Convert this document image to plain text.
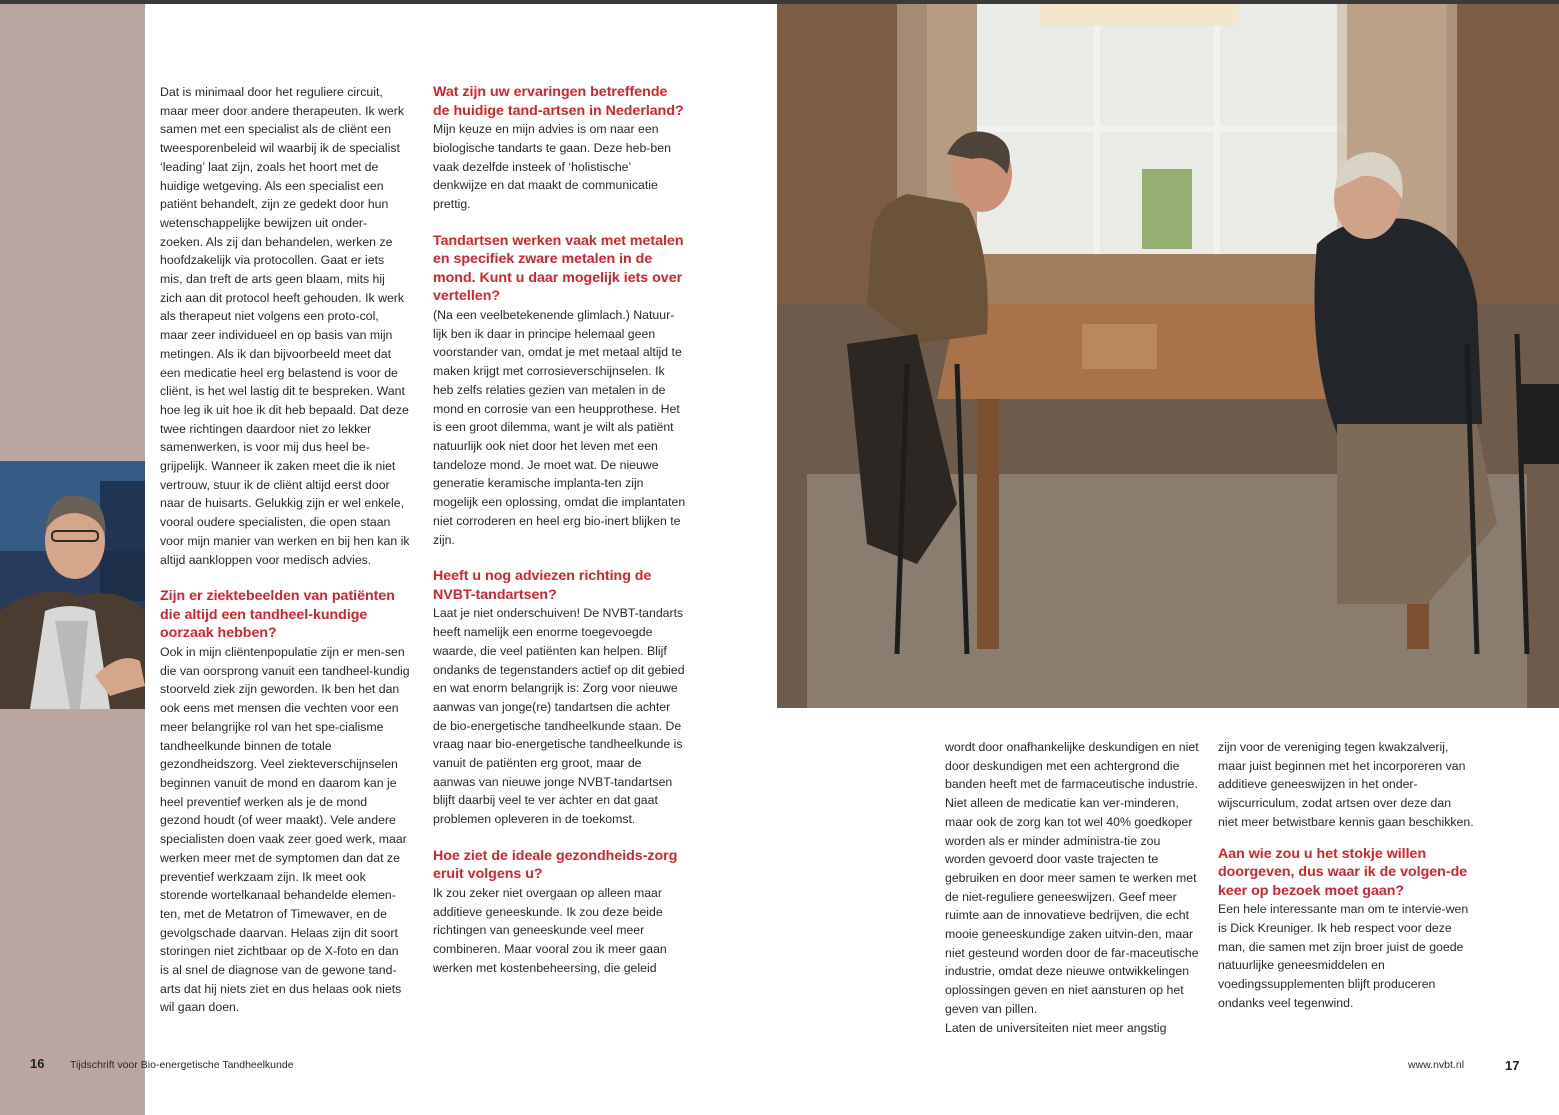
Dat is minimaal door het reguliere circuit, maar meer door andere therapeuten. Ik werk samen met een specialist als de cliënt een tweesporenbeleid wil waarbij ik de specialist ‘leading’ laat zijn, zoals het hoort met de huidige wetgeving. Als een specialist een patiënt behandelt, zijn ze gedekt door hun wetenschappelijke bewijzen uit onder-zoeken. Als zij dan behandelen, werken ze hoofdzakelijk via protocollen. Gaat er iets mis, dan treft de arts geen blaam, mits hij zich aan dit protocol heeft gehouden. Ik werk als therapeut niet volgens een proto-col, maar zeer individueel en op basis van mijn metingen. Als ik dan bijvoorbeeld meet dat een medicatie heel erg belastend is voor de cliënt, is het wel lastig dit te bespreken. Want hoe leg ik uit hoe ik dit heb bepaald. Dat deze twee richtingen daardoor niet zo lekker samenwerken, is voor mij dus heel be-grijpelijk. Wanneer ik zaken meet die ik niet vertrouw, stuur ik de cliënt altijd eerst door naar de huisarts. Gelukkig zijn er wel enkele, vooral oudere specialisten, die open staan voor mijn manier van werken en bij hen kan ik altijd aankloppen voor medisch advies.

Zijn er ziektebeelden van patiënten die altijd een tandheel-kundige oorzaak hebben?

Ook in mijn cliëntenpopulatie zijn er men-sen die van oorsprong vanuit een tandheel-kundig stoorveld ziek zijn geworden. Ik ben het dan ook eens met mensen die vechten voor een meer belangrijke rol van het spe-cialisme tandheelkunde binnen de totale gezondheidszorg. Veel ziekteverschijnselen beginnen vanuit de mond en daarom kan je heel preventief werken als je de mond gezond houdt (of weer maakt). Vele andere specialisten doen vaak zeer goed werk, maar werken meer met de symptomen dan dat ze preventief werkzaam zijn. Ik meet ook storende wortelkanaal behandelde elemen-ten, met de Metatron of Timewaver, en de gevolgschade daarvan. Helaas zijn dit soort storingen niet zichtbaar op de X-foto en dan is al snel de diagnose van de gewone tand-arts dat hij niets ziet en dus helaas ook niets wil gaan doen.

Wat zijn uw ervaringen betreffende de huidige tand-artsen in Nederland?

Mijn keuze en mijn advies is om naar een biologische tandarts te gaan. Deze heb-ben vaak dezelfde insteek of ‘holistische’ denkwijze en dat maakt de communicatie prettig.

Tandartsen werken vaak met metalen en specifiek zware metalen in de mond. Kunt u daar mogelijk iets over vertellen?

(Na een veelbetekenende glimlach.) Natuur-lijk ben ik daar in principe helemaal geen voorstander van, omdat je met metaal altijd te maken krijgt met corrosieverschijnselen. Ik heb zelfs relaties gezien van metalen in de mond en corrosie van een heupprothese. Het is een groot dilemma, want je wilt als patiënt natuurlijk ook niet door het leven met een tandeloze mond. Je moet wat. De nieuwe generatie keramische implanta-ten zijn mogelijk een oplossing, omdat die implantaten niet corroderen en heel erg bio-inert blijken te zijn.

Heeft u nog adviezen richting de NVBT-tandartsen?

Laat je niet onderschuiven! De NVBT-tandarts heeft namelijk een enorme toegevoegde waarde, die veel patiënten kan helpen. Blijf ondanks de tegenstanders actief op dit gebied en wat enorm belangrijk is: Zorg voor nieuwe aanwas van jonge(re) tandartsen die achter de bio-energetische tandheelkunde staan. De vraag naar bio-energetische tandheelkunde is vanuit de patiënten erg groot, maar de aanwas van nieuwe jonge NVBT-tandartsen blijft daarbij veel te ver achter en dat gaat problemen opleveren in de toekomst.

Hoe ziet de ideale gezondheids-zorg eruit volgens u?

Ik zou zeker niet overgaan op alleen maar additieve geneeskunde. Ik zou deze beide richtingen van geneeskunde veel meer combineren. Maar vooral zou ik meer gaan werken met kostenbeheersing, die geleid

wordt door onafhankelijke deskundigen en niet door deskundigen met een achtergrond die banden heeft met de farmaceutische industrie. Niet alleen de medicatie kan ver-minderen, maar ook de zorg kan tot wel 40% goedkoper worden als er minder administra-tie zou worden gevoerd door vaste trajecten te gebruiken en door meer samen te werken met de niet-reguliere geneeswijzen. Geef meer ruimte aan de innovatieve bedrijven, die echt mooie geneeskundige zaken uitvin-den, maar niet gesteund worden door de far-maceutische industrie, omdat deze nieuwe ontwikkelingen oplossingen geven en niet aansturen op het geven van pillen.

Laten de universiteiten niet meer angstig

zijn voor de vereniging tegen kwakzalverij, maar juist beginnen met het incorporeren van additieve geneeswijzen in het onder-wijscurriculum, zodat artsen over deze dan niet meer betwistbare kennis gaan beschikken.

Aan wie zou u het stokje willen doorgeven, dus waar ik de volgen-de keer op bezoek moet gaan?

Een hele interessante man om te intervie-wen is Dick Kreuniger. Ik heb respect voor deze man, die samen met zijn broer juist de goede natuurlijke geneesmiddelen en voedingssupplementen blijft produceren ondanks veel tegenwind.

16 Tijdschrift voor Bio-energetische Tandheelkunde	www.nvbt.nl	17
